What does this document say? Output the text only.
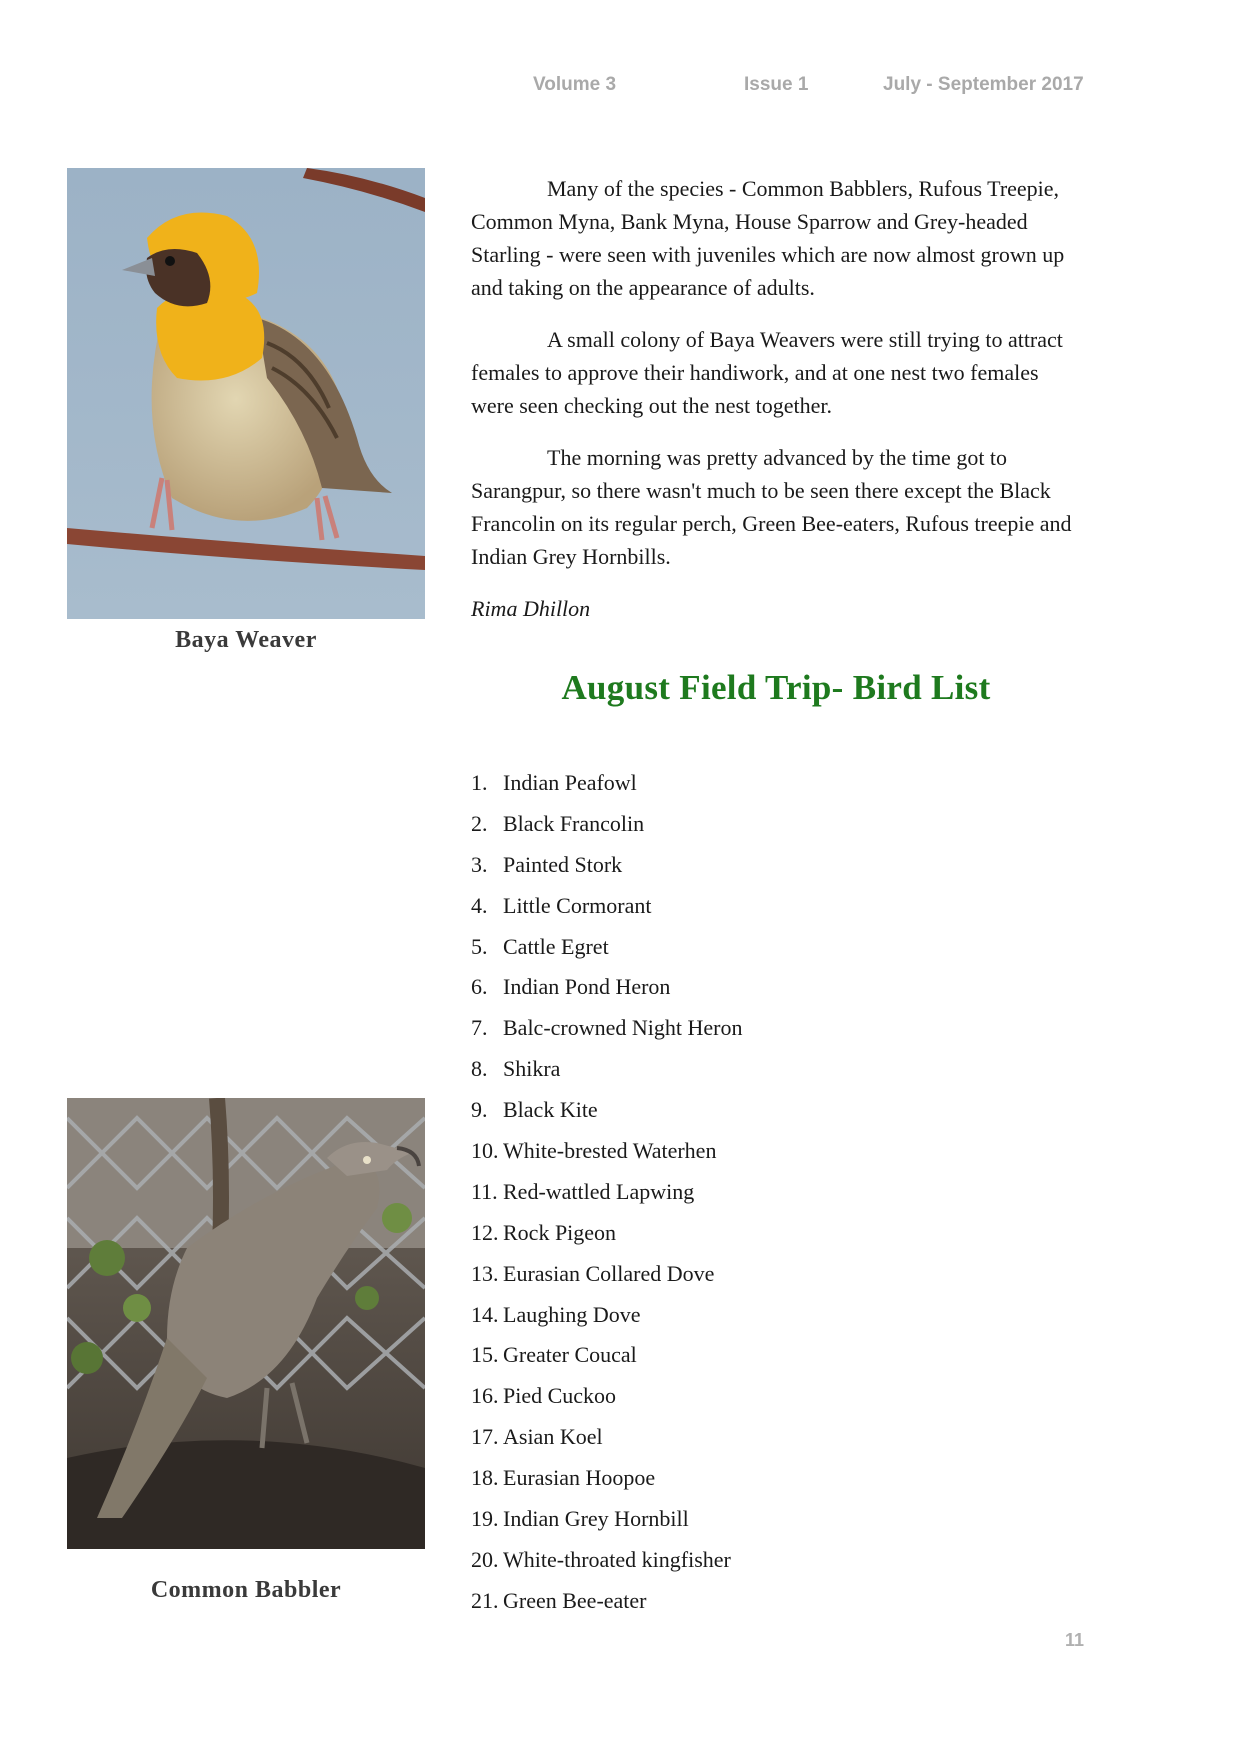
Volume 3	Issue 1	July - September 2017
Baya Weaver

Many of the species - Common Babblers, Rufous Treepie, Common Myna, Bank Myna, House Sparrow and Grey-headed Starling - were seen with juveniles which are now almost grown up and taking on the appearance of adults.

A small colony of Baya Weavers were still trying to attract females to approve their handiwork, and at one nest two females were seen checking out the nest together.

The morning was pretty advanced by the time got to Sarangpur, so there wasn't much to be seen there except the Black Francolin on its regular perch, Green Bee-eaters, Rufous treepie and Indian Grey Hornbills.

Rima Dhillon

August Field Trip- Bird List
1. Indian Peafowl
2. Black Francolin
3. Painted Stork
4. Little Cormorant
5. Cattle Egret
6. Indian Pond Heron
7. Balc-crowned Night Heron
8. Shikra
9. Black Kite
10. White-brested Waterhen
11. Red-wattled Lapwing
12. Rock Pigeon
13. Eurasian Collared Dove
14. Laughing Dove
15. Greater Coucal
16. Pied Cuckoo
17. Asian Koel
18. Eurasian Hoopoe
19. Indian Grey Hornbill
20. White-throated kingfisher
21. Green Bee-eater
Common Babbler
11
